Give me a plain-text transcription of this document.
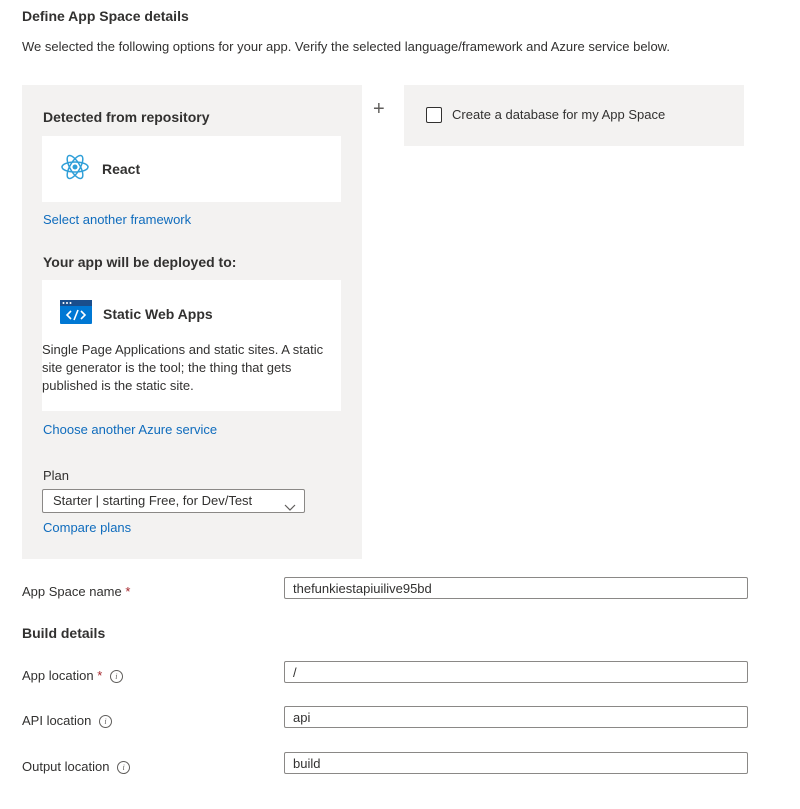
Define App Space details
We selected the following options for your app. Verify the selected language/framework and Azure service below.
Detected from repository
React
Select another framework
Your app will be deployed to:
Static Web Apps
Single Page Applications and static sites. A static site generator is the tool; the thing that gets published is the static site.
Choose another Azure service
Plan
Starter | starting Free, for Dev/Test
Compare plans
+	Create a database for my App Space
App Space name *
thefunkiestapiuilive95bd
Build details
App location * i
/
API location i
api
Output location i
build
